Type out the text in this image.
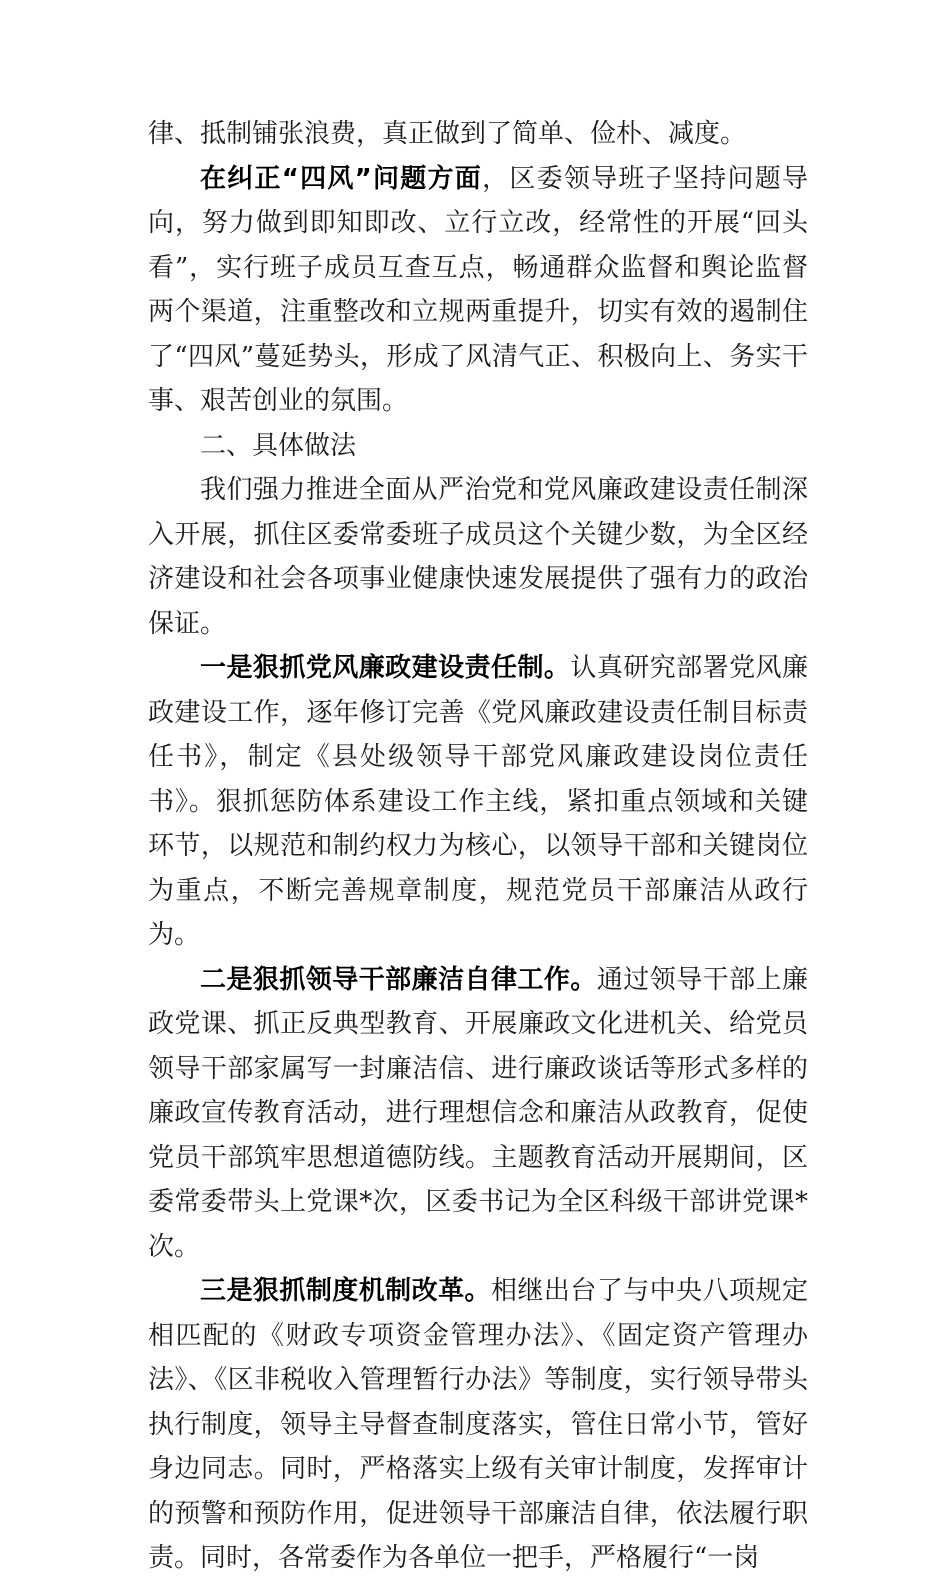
律、抵制铺张浪费，真正做到了简单、俭朴、减度。

在纠正“四风”问题方面，区委领导班子坚持问题导向，努力做到即知即改、立行立改，经常性的开展“回头看”，实行班子成员互查互点，畅通群众监督和舆论监督两个渠道，注重整改和立规两重提升，切实有效的遏制住了“四风”蔓延势头，形成了风清气正、积极向上、务实干事、艰苦创业的氛围。

二、具体做法

我们强力推进全面从严治党和党风廉政建设责任制深入开展，抓住区委常委班子成员这个关键少数，为全区经济建设和社会各项事业健康快速发展提供了强有力的政治保证。

一是狠抓党风廉政建设责任制。认真研究部署党风廉政建设工作，逐年修订完善《党风廉政建设责任制目标责任书》，制定《县处级领导干部党风廉政建设岗位责任书》。狠抓惩防体系建设工作主线，紧扣重点领域和关键环节，以规范和制约权力为核心，以领导干部和关键岗位为重点，不断完善规章制度，规范党员干部廉洁从政行为。

二是狠抓领导干部廉洁自律工作。通过领导干部上廉政党课、抓正反典型教育、开展廉政文化进机关、给党员领导干部家属写一封廉洁信、进行廉政谈话等形式多样的廉政宣传教育活动，进行理想信念和廉洁从政教育，促使党员干部筑牢思想道德防线。主题教育活动开展期间，区委常委带头上党课*次，区委书记为全区科级干部讲党课*次。

三是狠抓制度机制改革。相继出台了与中央八项规定相匹配的《财政专项资金管理办法》、《固定资产管理办法》、《区非税收入管理暂行办法》等制度，实行领导带头执行制度，领导主导督查制度落实，管住日常小节，管好身边同志。同时，严格落实上级有关审计制度，发挥审计的预警和预防作用，促进领导干部廉洁自律，依法履行职责。同时，各常委作为各单位一把手，严格履行“一岗
